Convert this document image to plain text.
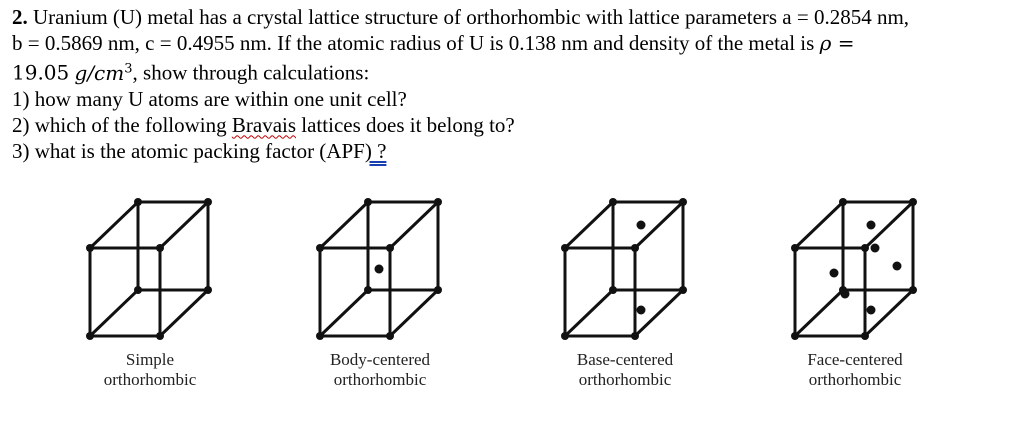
2. Uranium (U) metal has a crystal lattice structure of orthorhombic with lattice parameters a = 0.2854 nm,
b = 0.5869 nm, c = 0.4955 nm. If the atomic radius of U is 0.138 nm and density of the metal is ρ =
19.05 $g/cm^3$, show through calculations:
1) how many U atoms are within one unit cell?
2) which of the following Bravais lattices does it belong to?
3) what is the atomic packing factor (APF) ?
Simple
orthorhombic
Body-centered
orthorhombic
Base-centered
orthorhombic
Face-centered
orthorhombic
